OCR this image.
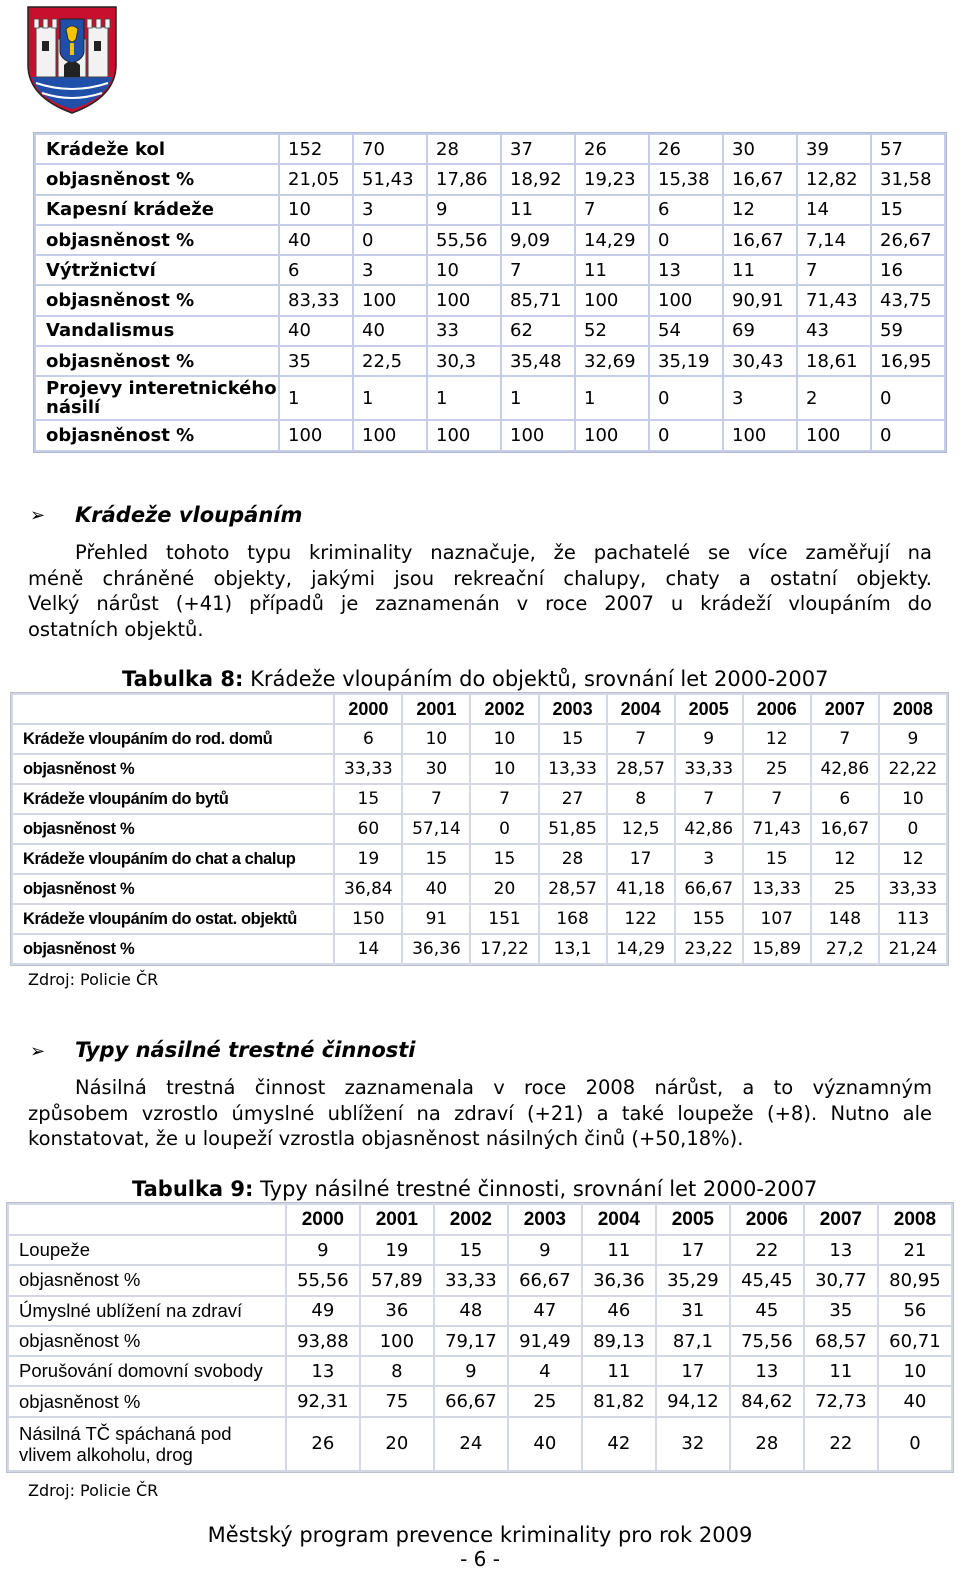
Krádeže kol	152	70	28	37	26	26	30	39	57
objasněnost %	21,05	51,43	17,86	18,92	19,23	15,38	16,67	12,82	31,58
Kapesní krádeže	10	3	9	11	7	6	12	14	15
objasněnost %	40	0	55,56	9,09	14,29	0	16,67	7,14	26,67
Výtržnictví	6	3	10	7	11	13	11	7	16
objasněnost %	83,33	100	100	85,71	100	100	90,91	71,43	43,75
Vandalismus	40	40	33	62	52	54	69	43	59
objasněnost %	35	22,5	30,3	35,48	32,69	35,19	30,43	18,61	16,95
Projevy interetnického násilí	1	1	1	1	1	0	3	2	0
objasněnost %	100	100	100	100	100	0	100	100	0
➢ Krádeže vloupáním
Přehled tohoto typu kriminality naznačuje, že pachatelé se více zaměřují na
méně chráněné objekty, jakými jsou rekreační chalupy, chaty a ostatní objekty.
Velký nárůst (+41) případů je zaznamenán v roce 2007 u krádeží vloupáním do
ostatních objektů.
Tabulka 8: Krádeže vloupáním do objektů, srovnání let 2000-2007
	2000	2001	2002	2003	2004	2005	2006	2007	2008
Krádeže vloupáním do rod. domů	6	10	10	15	7	9	12	7	9
objasněnost %	33,33	30	10	13,33	28,57	33,33	25	42,86	22,22
Krádeže vloupáním do bytů	15	7	7	27	8	7	7	6	10
objasněnost %	60	57,14	0	51,85	12,5	42,86	71,43	16,67	0
Krádeže vloupáním do chat a chalup	19	15	15	28	17	3	15	12	12
objasněnost %	36,84	40	20	28,57	41,18	66,67	13,33	25	33,33
Krádeže vloupáním do ostat. objektů	150	91	151	168	122	155	107	148	113
objasněnost %	14	36,36	17,22	13,1	14,29	23,22	15,89	27,2	21,24
Zdroj: Policie ČR
➢ Typy násilné trestné činnosti
Násilná trestná činnost zaznamenala v roce 2008 nárůst, a to významným
způsobem vzrostlo úmyslné ublížení na zdraví (+21) a také loupeže (+8). Nutno ale
konstatovat, že u loupeží vzrostla objasněnost násilných činů (+50,18%).
Tabulka 9: Typy násilné trestné činnosti, srovnání let 2000-2007
	2000	2001	2002	2003	2004	2005	2006	2007	2008
Loupeže	9	19	15	9	11	17	22	13	21
objasněnost %	55,56	57,89	33,33	66,67	36,36	35,29	45,45	30,77	80,95
Úmyslné ublížení na zdraví	49	36	48	47	46	31	45	35	56
objasněnost %	93,88	100	79,17	91,49	89,13	87,1	75,56	68,57	60,71
Porušování domovní svobody	13	8	9	4	11	17	13	11	10
objasněnost %	92,31	75	66,67	25	81,82	94,12	84,62	72,73	40
Násilná TČ spáchaná pod vlivem alkoholu, drog	26	20	24	40	42	32	28	22	0
Zdroj: Policie ČR
Městský program prevence kriminality pro rok 2009
- 6 -
